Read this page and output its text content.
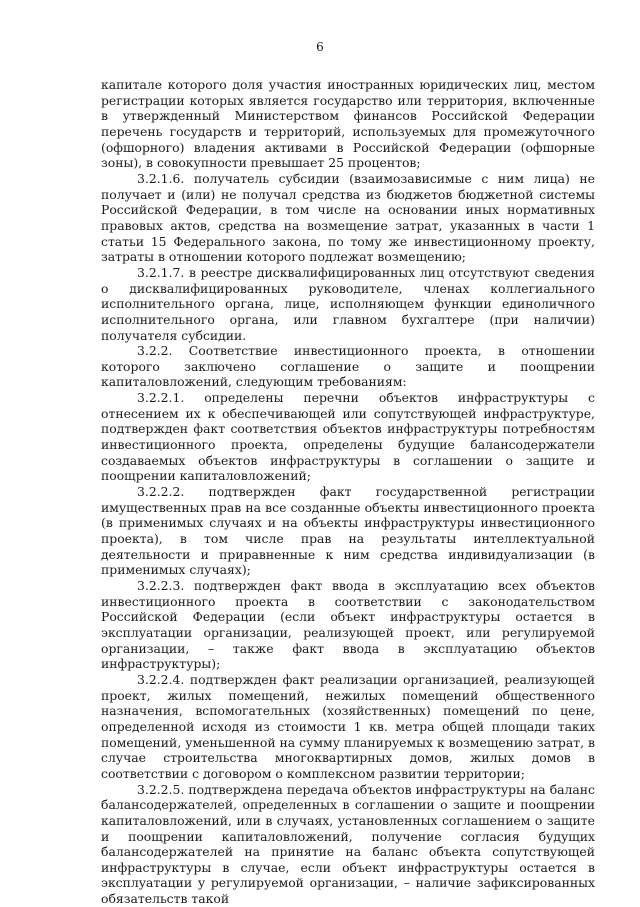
6

капитале которого доля участия иностранных юридических лиц, местом регистрации которых является государство или территория, включенные в утвержденный Министерством финансов Российской Федерации перечень государств и территорий, используемых для промежуточного (офшорного) владения активами в Российской Федерации (офшорные зоны), в совокупности превышает 25 процентов;

3.2.1.6. получатель субсидии (взаимозависимые с ним лица) не получает и (или) не получал средства из бюджетов бюджетной системы Российской Федерации, в том числе на основании иных нормативных правовых актов, средства на возмещение затрат, указанных в части 1 статьи 15 Федерального закона, по тому же инвестиционному проекту, затраты в отношении которого подлежат возмещению;

3.2.1.7. в реестре дисквалифицированных лиц отсутствуют сведения о дисквалифицированных руководителе, членах коллегиального исполнительного органа, лице, исполняющем функции единоличного исполнительного органа, или главном бухгалтере (при наличии) получателя субсидии.

3.2.2. Соответствие инвестиционного проекта, в отношении которого заключено соглашение о защите и поощрении капиталовложений, следующим требованиям:

3.2.2.1. определены перечни объектов инфраструктуры с отнесением их к обеспечивающей или сопутствующей инфраструктуре, подтвержден факт соответствия объектов инфраструктуры потребностям инвестиционного проекта, определены будущие балансодержатели создаваемых объектов инфраструктуры в соглашении о защите и поощрении капиталовложений;

3.2.2.2. подтвержден факт государственной регистрации имущественных прав на все созданные объекты инвестиционного проекта (в применимых случаях и на объекты инфраструктуры инвестиционного проекта), в том числе прав на результаты интеллектуальной деятельности и приравненные к ним средства индивидуализации (в применимых случаях);

3.2.2.3. подтвержден факт ввода в эксплуатацию всех объектов инвестиционного проекта в соответствии с законодательством Российской Федерации (если объект инфраструктуры остается в эксплуатации организации, реализующей проект, или регулируемой организации, – также факт ввода в эксплуатацию объектов инфраструктуры);

3.2.2.4. подтвержден факт реализации организацией, реализующей проект, жилых помещений, нежилых помещений общественного назначения, вспомогательных (хозяйственных) помещений по цене, определенной исходя из стоимости 1 кв. метра общей площади таких помещений, уменьшенной на сумму планируемых к возмещению затрат, в случае строительства многоквартирных домов, жилых домов в соответствии с договором о комплексном развитии территории;

3.2.2.5. подтверждена передача объектов инфраструктуры на баланс балансодержателей, определенных в соглашении о защите и поощрении капиталовложений, или в случаях, установленных соглашением о защите и поощрении капиталовложений, получение согласия будущих балансодержателей на принятие на баланс объекта сопутствующей инфраструктуры в случае, если объект инфраструктуры остается в эксплуатации у регулируемой организации, – наличие зафиксированных обязательств такой
